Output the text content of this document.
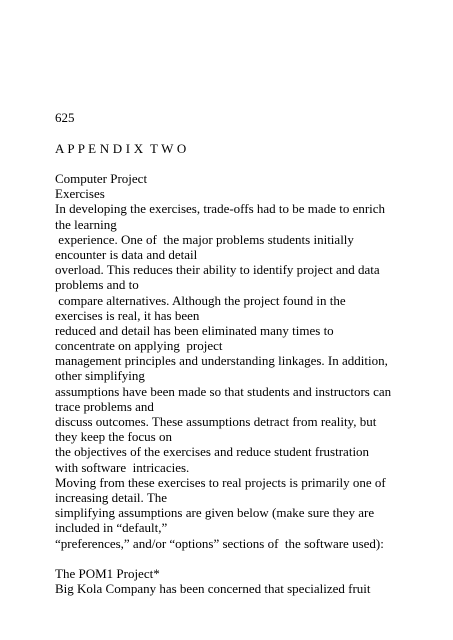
625
A P P E N D I X  T W O
Computer Project
Exercises
In developing the exercises, trade-offs had to be made to enrich
the learning
experience. One of  the major problems students initially
encounter is data and detail
overload. This reduces their ability to identify project and data
problems and to
compare alternatives. Although the project found in the
exercises is real, it has been
reduced and detail has been eliminated many times to
concentrate on applying  project
management principles and understanding linkages. In addition,
other simplifying
assumptions have been made so that students and instructors can
trace problems and
discuss outcomes. These assumptions detract from reality, but
they keep the focus on
the objectives of the exercises and reduce student frustration
with software  intricacies.
Moving from these exercises to real projects is primarily one of
increasing detail. The
simplifying assumptions are given below (make sure they are
included in “default,”
“preferences,” and/or “options” sections of  the software used):
The POM1 Project*
Big Kola Company has been concerned that specialized fruit
